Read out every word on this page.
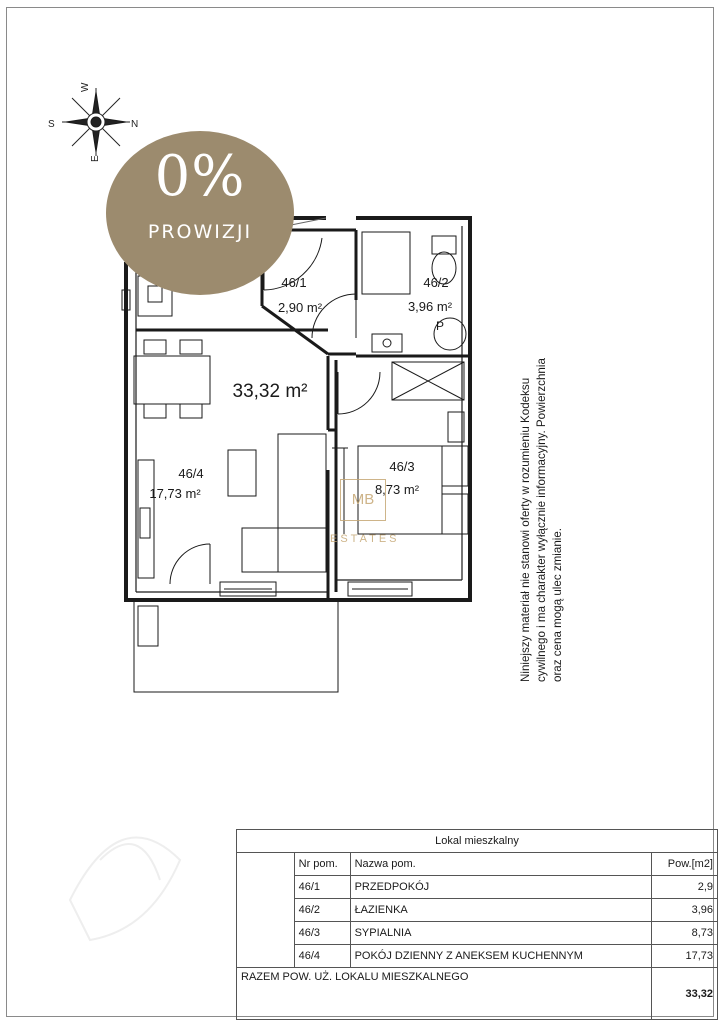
W
S	N
E
46/1
2,90 m²
46/2
3,96 m²
P
46/3
8,73 m²
46/4
17,73 m²
33,32 m²
0%
PROWIZJI
MB
ESTATES	Niniejszy materiał nie stanowi oferty w rozumieniu Kodeksu cywilnego i ma charakter wyłącznie informacyjny. Powierzchnia oraz cena mogą ulec zmianie.
Lokal mieszkalny			
	Nr pom.	Nazwa pom.	Pow.[m2]
	46/1	PRZEDPOKÓJ	2,9
	46/2	ŁAZIENKA	3,96
	46/3	SYPIALNIA	8,73
	46/4	POKÓJ DZIENNY Z ANEKSEM KUCHENNYM	17,73
RAZEM POW. UŻ. LOKALU MIESZKALNEGO			33,32
